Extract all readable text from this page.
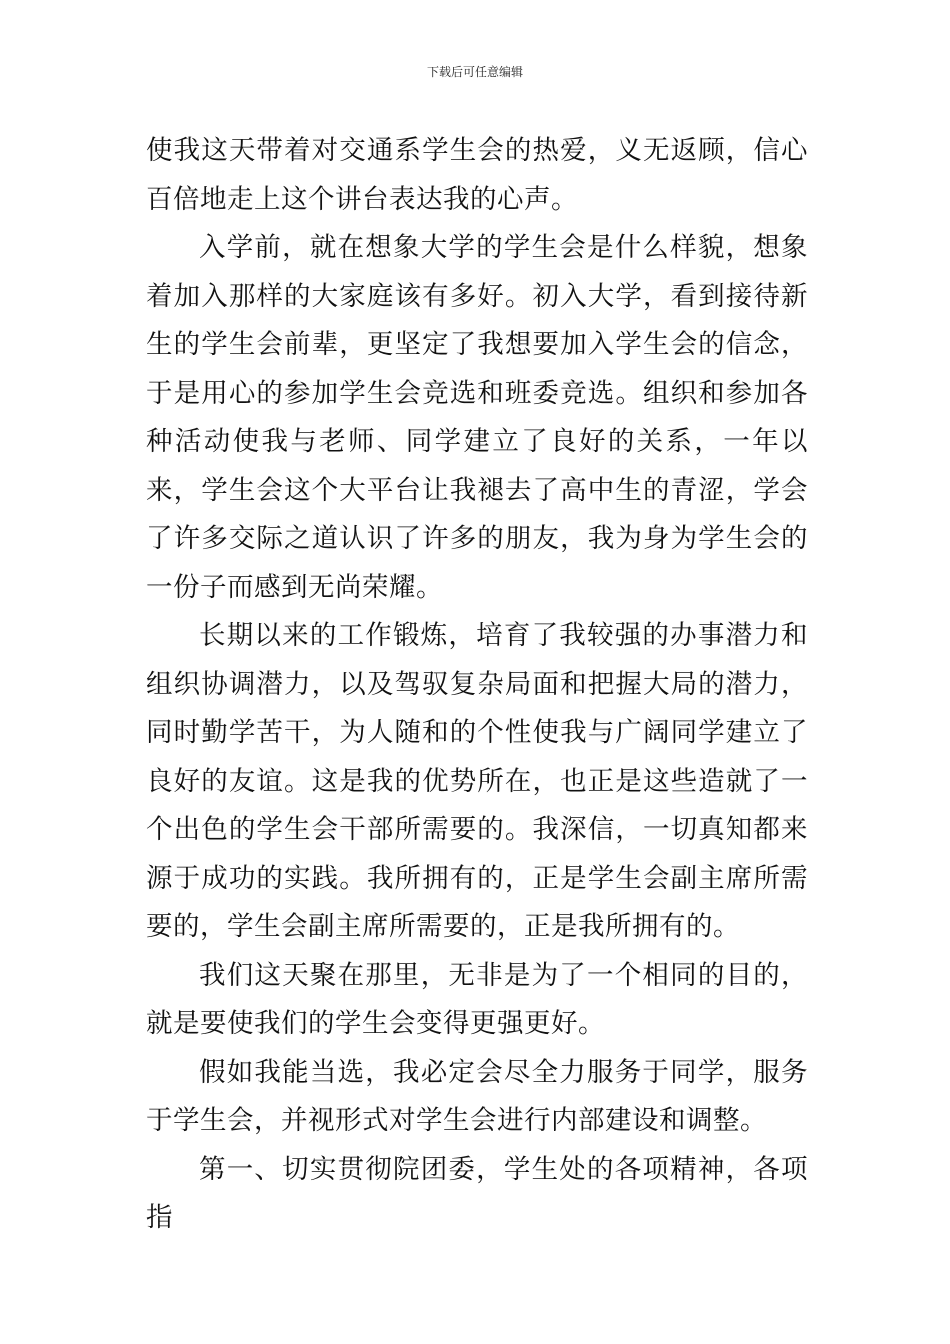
下载后可任意编辑

使我这天带着对交通系学生会的热爱，义无返顾，信心百倍地走上这个讲台表达我的心声。

入学前，就在想象大学的学生会是什么样貌，想象着加入那样的大家庭该有多好。初入大学，看到接待新生的学生会前辈，更坚定了我想要加入学生会的信念，于是用心的参加学生会竞选和班委竞选。组织和参加各种活动使我与老师、同学建立了良好的关系，一年以来，学生会这个大平台让我褪去了高中生的青涩，学会了许多交际之道认识了许多的朋友，我为身为学生会的一份子而感到无尚荣耀。

长期以来的工作锻炼，培育了我较强的办事潜力和组织协调潜力，以及驾驭复杂局面和把握大局的潜力，同时勤学苦干，为人随和的个性使我与广阔同学建立了良好的友谊。这是我的优势所在，也正是这些造就了一个出色的学生会干部所需要的。我深信，一切真知都来源于成功的实践。我所拥有的，正是学生会副主席所需要的，学生会副主席所需要的，正是我所拥有的。

我们这天聚在那里，无非是为了一个相同的目的，就是要使我们的学生会变得更强更好。

假如我能当选，我必定会尽全力服务于同学，服务于学生会，并视形式对学生会进行内部建设和调整。

第一、切实贯彻院团委，学生处的各项精神，各项指
